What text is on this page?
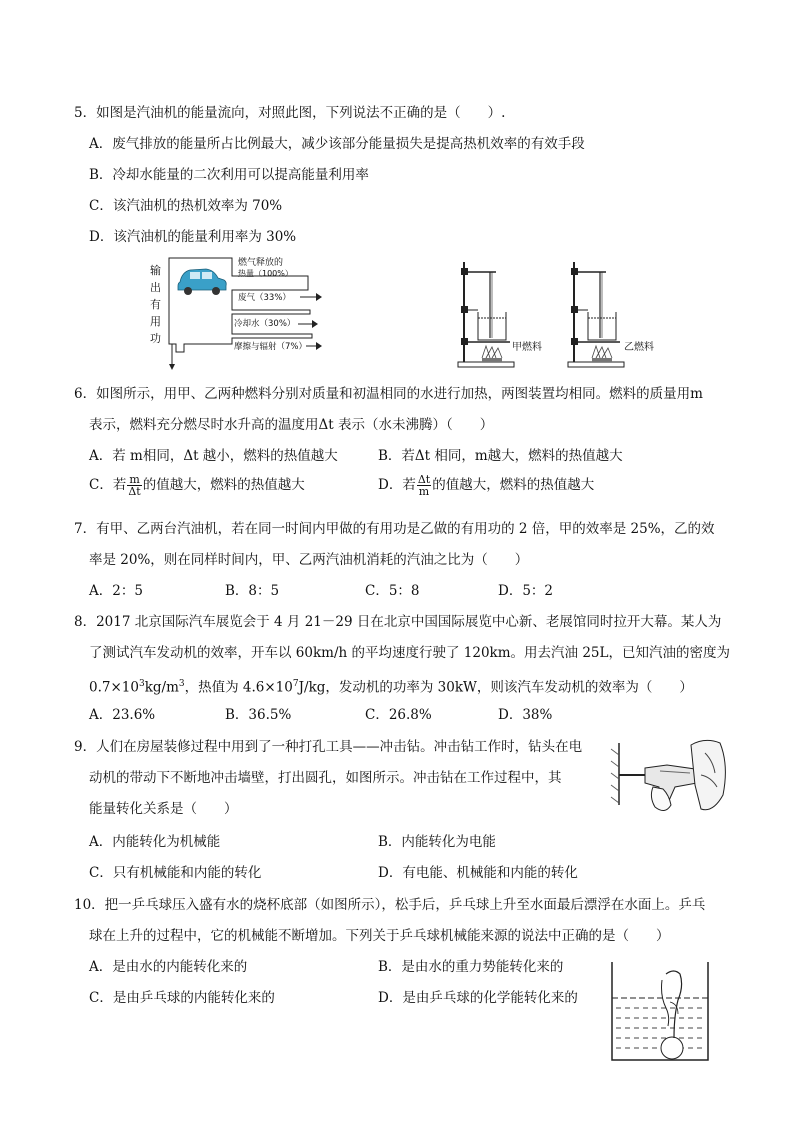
5．如图是汽油机的能量流向，对照此图，下列说法不正确的是（　　）.
A．废气排放的能量所占比例最大，减少该部分能量损失是提高热机效率的有效手段
B．冷却水能量的二次利用可以提高能量利用率
C．该汽油机的热机效率为 70%
D．该汽油机的能量利用率为 30%
燃气释放的
热量（100%）
废气（33%）
冷却水（30%）
摩擦与辐射（7%）
输
出
有
用
功
甲燃料	乙燃料
6．如图所示，用甲、乙两种燃料分别对质量和初温相同的水进行加热，两图装置均相同。燃料的质量用m
表示，燃料充分燃尽时水升高的温度用Δt 表示（水未沸腾）（　　）
A．若 m相同，Δt 越小，燃料的热值越大	B．若Δt 相同，m越大，燃料的热值越大
C．若 $\frac{m}{\Delta t}$ 的值越大，燃料的热值越大	D．若 $\frac{\Delta t}{m}$ 的值越大，燃料的热值越大
7．有甲、乙两台汽油机，若在同一时间内甲做的有用功是乙做的有用功的 2 倍，甲的效率是 25%，乙的效
率是 20%，则在同样时间内，甲、乙两汽油机消耗的汽油之比为（　　）
A．2：5	B．8：5	C．5：8	D．5：2
8．2017 北京国际汽车展览会于 4 月 21－29 日在北京中国国际展览中心新、老展馆同时拉开大幕。某人为
了测试汽车发动机的效率，开车以 60km/h 的平均速度行驶了 120km。用去汽油 25L，已知汽油的密度为
$0.7\times 10^3kg/m^3$，热值为 $4.6\times 10^7J/kg$，发动机的功率为 30kW，则该汽车发动机的效率为（　　）
A．23.6%	B．36.5%	C．26.8%	D．38%
9．人们在房屋装修过程中用到了一种打孔工具——冲击钻。冲击钻工作时，钻头在电
动机的带动下不断地冲击墙壁，打出圆孔，如图所示。冲击钻在工作过程中，其
能量转化关系是（　　）
A．内能转化为机械能	B．内能转化为电能
C．只有机械能和内能的转化	D．有电能、机械能和内能的转化
10．把一乒乓球压入盛有水的烧杯底部（如图所示），松手后，乒乓球上升至水面最后漂浮在水面上。乒乓
球在上升的过程中，它的机械能不断增加。下列关于乒乓球机械能来源的说法中正确的是（　　）
A．是由水的内能转化来的	B．是由水的重力势能转化来的
C．是由乒乓球的内能转化来的	D．是由乒乓球的化学能转化来的
